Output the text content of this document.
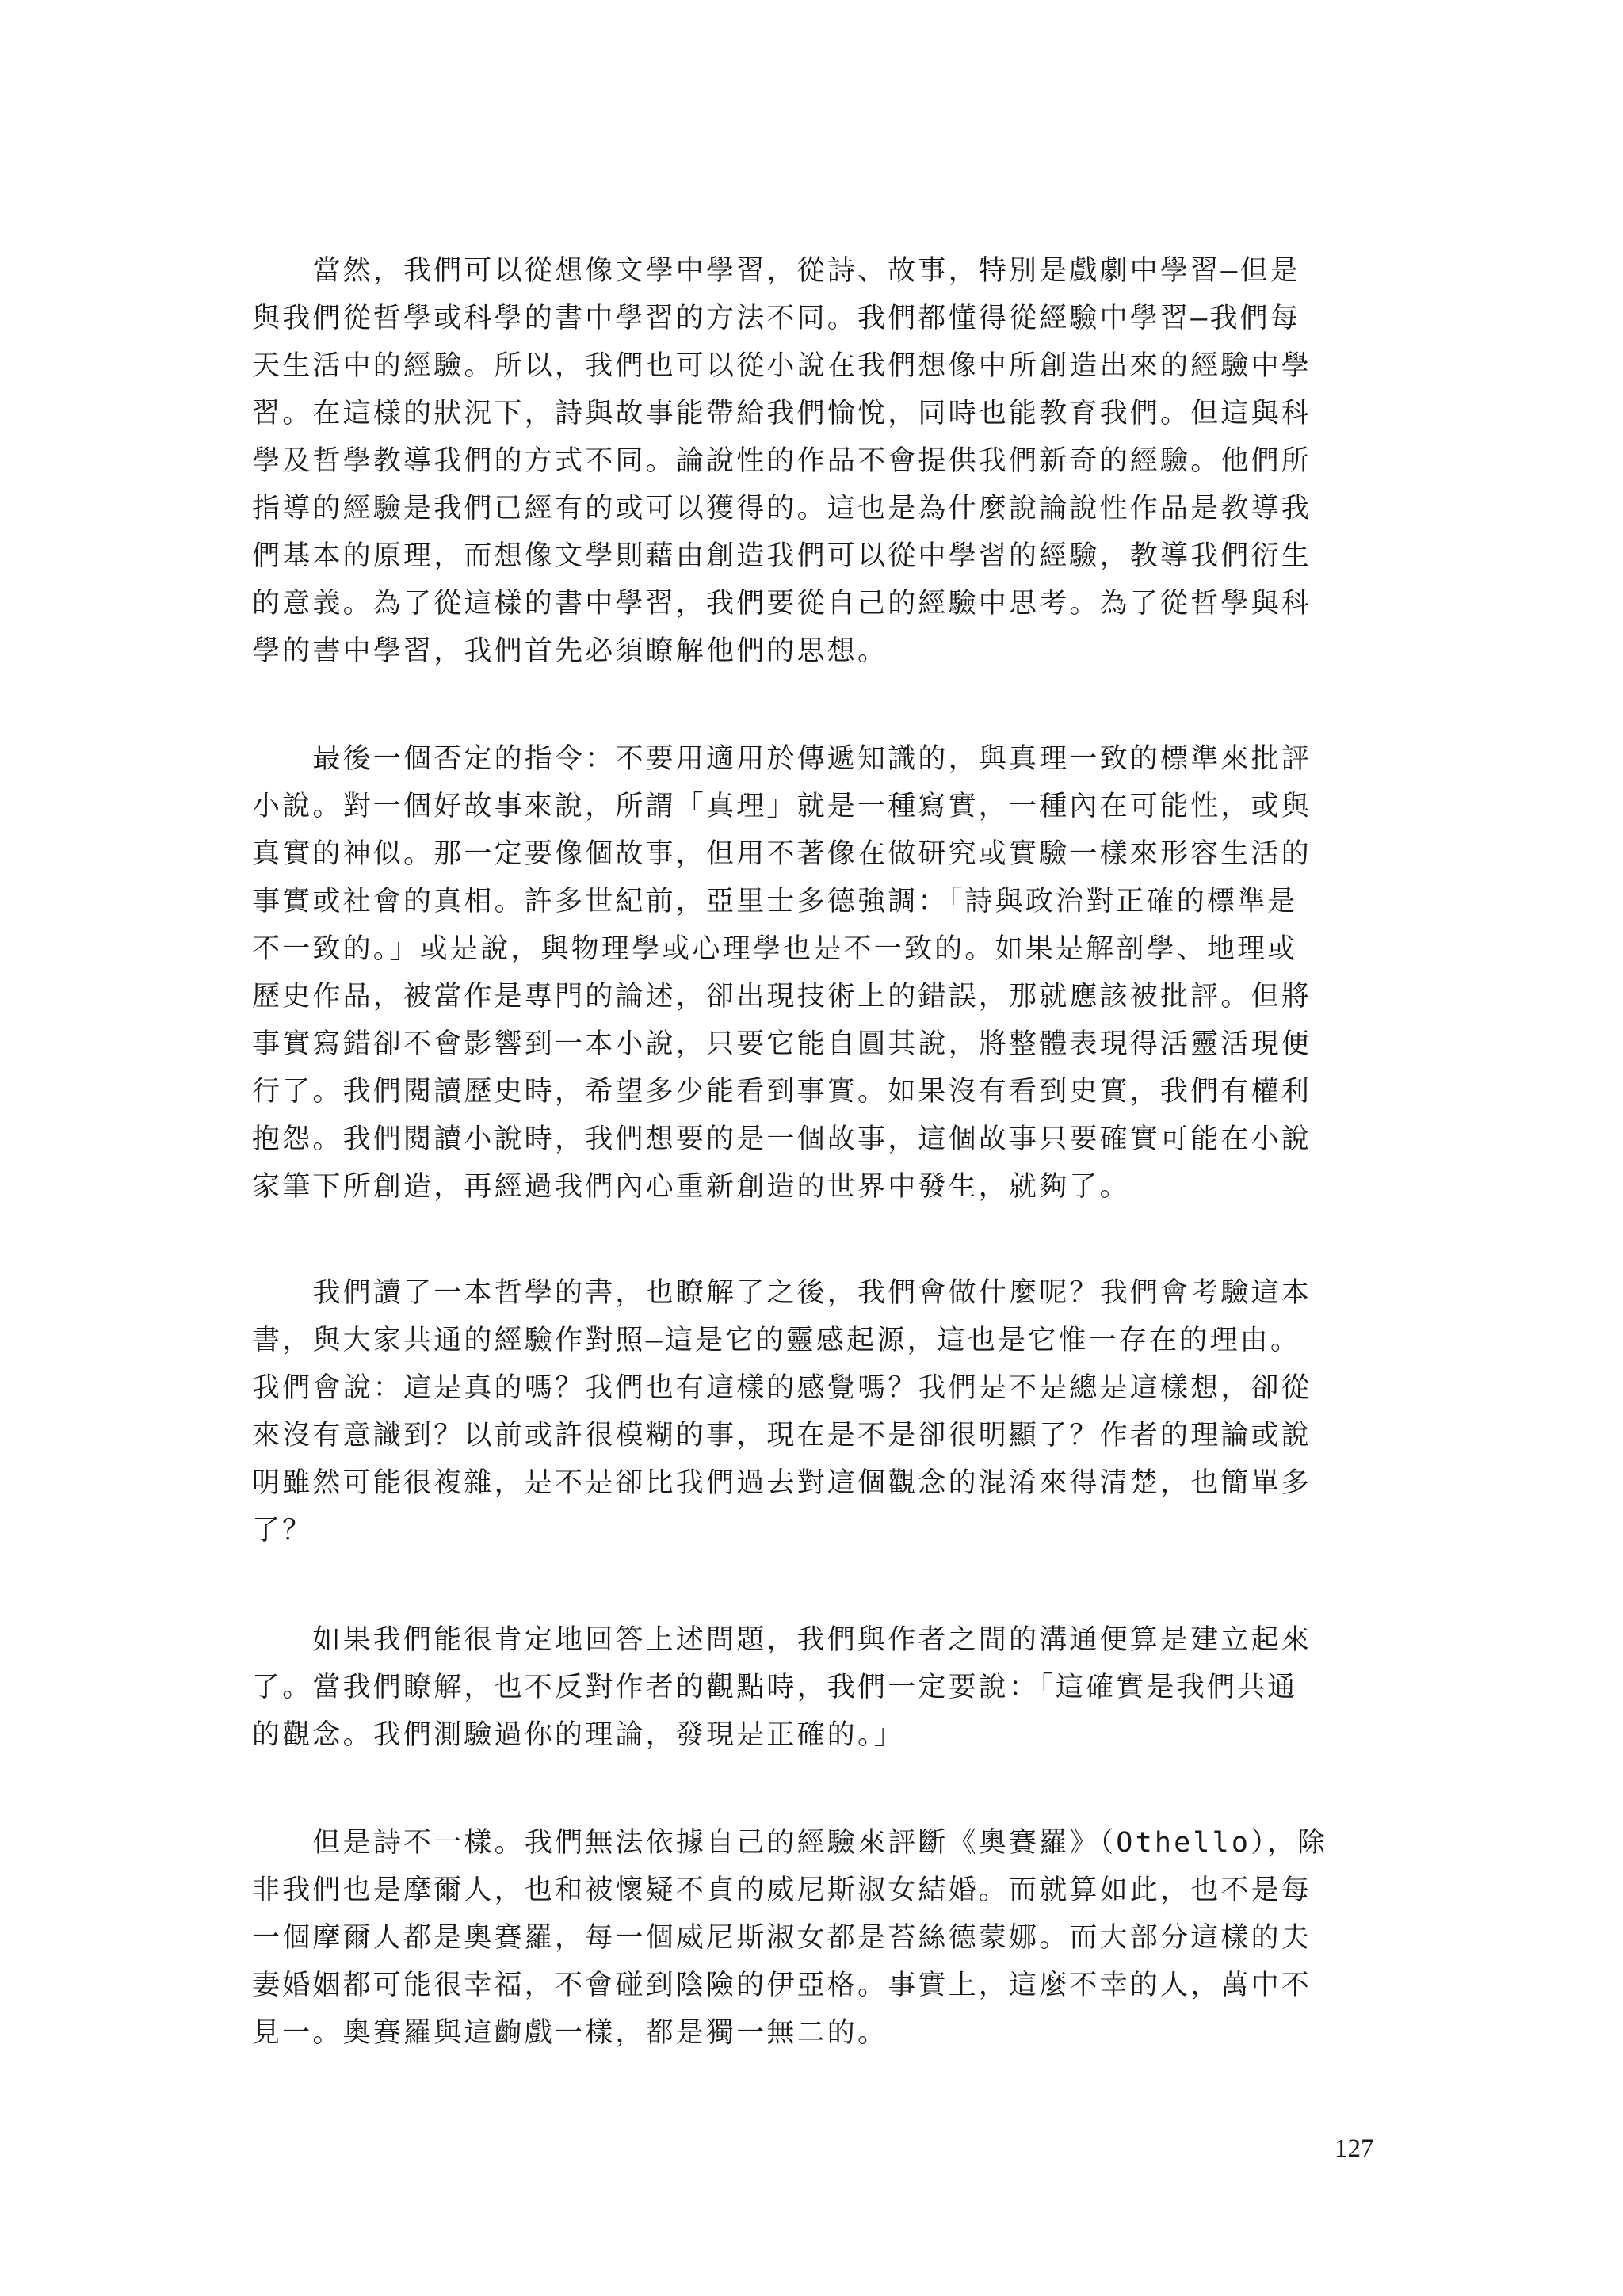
　　當然，我們可以從想像文學中學習，從詩、故事，特別是戲劇中學習—但是
與我們從哲學或科學的書中學習的方法不同。我們都懂得從經驗中學習—我們每
天生活中的經驗。所以，我們也可以從小說在我們想像中所創造出來的經驗中學
習。在這樣的狀況下，詩與故事能帶給我們愉悅，同時也能教育我們。但這與科
學及哲學教導我們的方式不同。論說性的作品不會提供我們新奇的經驗。他們所
指導的經驗是我們已經有的或可以獲得的。這也是為什麼說論說性作品是教導我
們基本的原理，而想像文學則藉由創造我們可以從中學習的經驗，教導我們衍生
的意義。為了從這樣的書中學習，我們要從自己的經驗中思考。為了從哲學與科
學的書中學習，我們首先必須瞭解他們的思想。
　　最後一個否定的指令：不要用適用於傳遞知識的，與真理一致的標準來批評
小說。對一個好故事來說，所謂「真理」就是一種寫實，一種內在可能性，或與
真實的神似。那一定要像個故事，但用不著像在做研究或實驗一樣來形容生活的
事實或社會的真相。許多世紀前，亞里士多德強調：「詩與政治對正確的標準是
不一致的。」或是說，與物理學或心理學也是不一致的。如果是解剖學、地理或
歷史作品，被當作是專門的論述，卻出現技術上的錯誤，那就應該被批評。但將
事實寫錯卻不會影響到一本小說，只要它能自圓其說，將整體表現得活靈活現便
行了。我們閱讀歷史時，希望多少能看到事實。如果沒有看到史實，我們有權利
抱怨。我們閱讀小說時，我們想要的是一個故事，這個故事只要確實可能在小說
家筆下所創造，再經過我們內心重新創造的世界中發生，就夠了。
　　我們讀了一本哲學的書，也瞭解了之後，我們會做什麼呢？我們會考驗這本
書，與大家共通的經驗作對照—這是它的靈感起源，這也是它惟一存在的理由。
我們會說：這是真的嗎？我們也有這樣的感覺嗎？我們是不是總是這樣想，卻從
來沒有意識到？以前或許很模糊的事，現在是不是卻很明顯了？作者的理論或說
明雖然可能很複雜，是不是卻比我們過去對這個觀念的混淆來得清楚，也簡單多
了？
　　如果我們能很肯定地回答上述問題，我們與作者之間的溝通便算是建立起來
了。當我們瞭解，也不反對作者的觀點時，我們一定要說：「這確實是我們共通
的觀念。我們測驗過你的理論，發現是正確的。」
　　但是詩不一樣。我們無法依據自己的經驗來評斷《奧賽羅》（Othello），除
非我們也是摩爾人，也和被懷疑不貞的威尼斯淑女結婚。而就算如此，也不是每
一個摩爾人都是奧賽羅，每一個威尼斯淑女都是苔絲德蒙娜。而大部分這樣的夫
妻婚姻都可能很幸福，不會碰到陰險的伊亞格。事實上，這麼不幸的人，萬中不
見一。奧賽羅與這齣戲一樣，都是獨一無二的。
127
